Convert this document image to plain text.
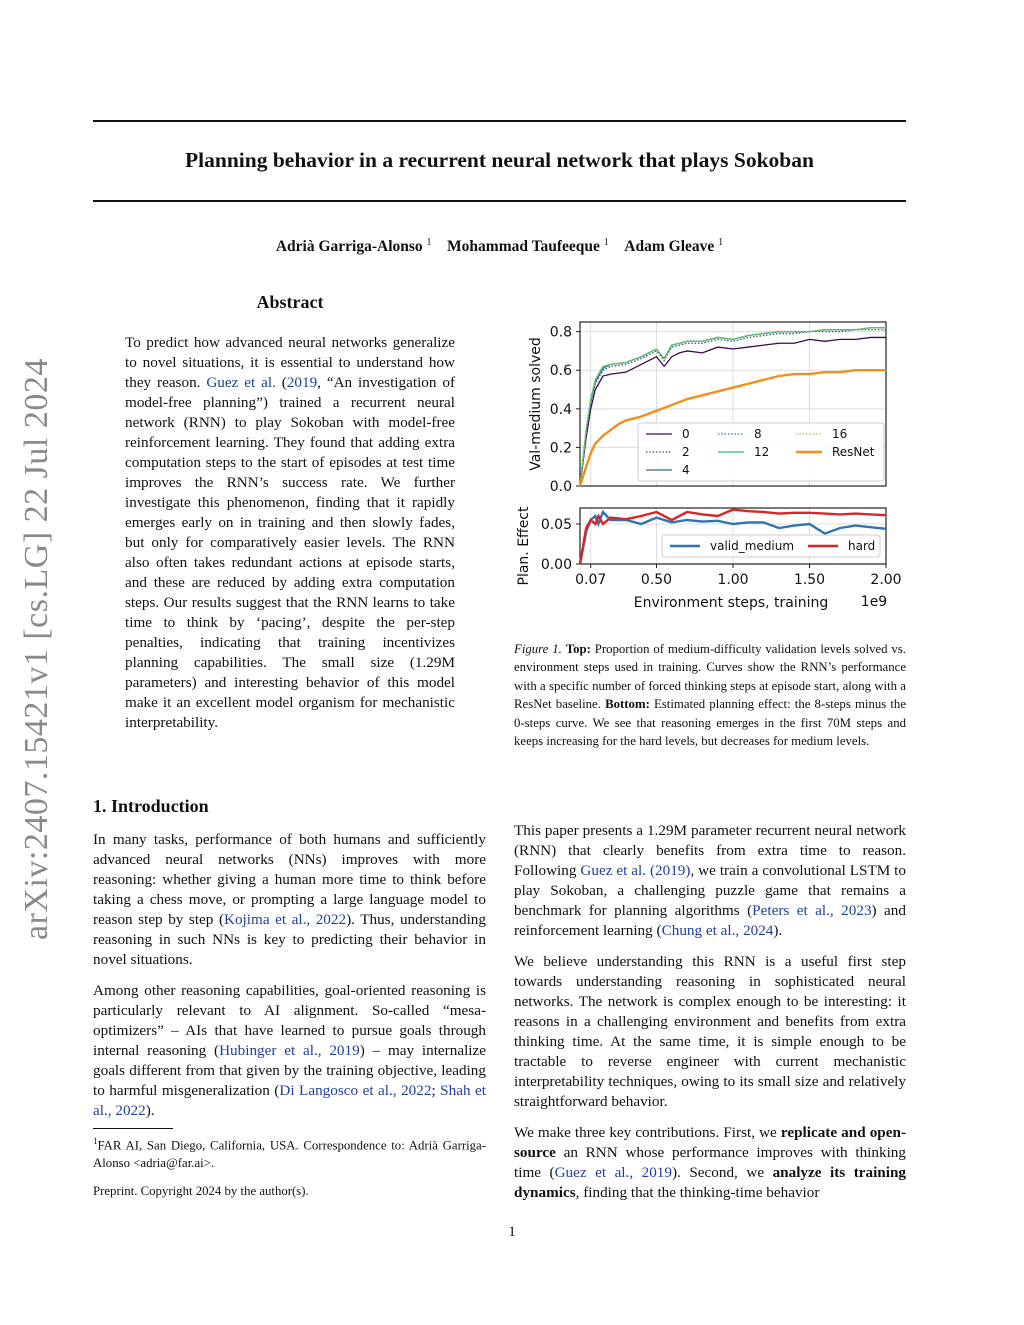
Planning behavior in a recurrent neural network that plays Sokoban
Adrià Garriga-Alonso $^1$ Mohammad Taufeeque $^1$ Adam Gleave $^1$
arXiv:2407.15421v1 [cs.LG] 22 Jul 2024
Abstract
To predict how advanced neural networks generalize to novel situations, it is essential to understand how they reason. Guez et al. (2019, “An investigation of model-free planning”) trained a recurrent neural network (RNN) to play Sokoban with model-free reinforcement learning. They found that adding extra computation steps to the start of episodes at test time improves the RNN’s success rate. We further investigate this phenomenon, finding that it rapidly emerges early on in training and then slowly fades, but only for comparatively easier levels. The RNN also often takes redundant actions at episode starts, and these are reduced by adding extra computation steps. Our results suggest that the RNN learns to take time to think by ‘pacing’, despite the per-step penalties, indicating that training incentivizes planning capabilities. The small size (1.29M parameters) and interesting behavior of this model make it an excellent model organism for mechanistic interpretability.
0.0
0.2
0.4
0.6
0.8
Val-medium solved	0
2
8
12
4
16
ResNet
0.00
0.05
Plan. Effect	valid_medium	hard
0.07 0.50	1.00	1.50	2.00
Environment steps, training 1e9
Figure 1. Top: Proportion of medium-difficulty validation levels solved vs. environment steps used in training. Curves show the RNN’s performance with a specific number of forced thinking steps at episode start, along with a ResNet baseline. Bottom: Estimated planning effect: the 8-steps minus the 0-steps curve. We see that reasoning emerges in the first 70M steps and keeps increasing for the hard levels, but decreases for medium levels.
1. Introduction

In many tasks, performance of both humans and sufficiently advanced neural networks (NNs) improves with more reasoning: whether giving a human more time to think before taking a chess move, or prompting a large language model to reason step by step (Kojima et al., 2022). Thus, understanding reasoning in such NNs is key to predicting their behavior in novel situations.

Among other reasoning capabilities, goal-oriented reasoning is particularly relevant to AI alignment. So-called “mesa-optimizers” – AIs that have learned to pursue goals through internal reasoning (Hubinger et al., 2019) – may internalize goals different from that given by the training objective, leading to harmful misgeneralization (Di Langosco et al., 2022; Shah et al., 2022).

$^1$FAR AI, San Diego, California, USA. Correspondence to: Adrià Garriga-Alonso <adria@far.ai>.
Preprint. Copyright 2024 by the author(s).

This paper presents a 1.29M parameter recurrent neural network (RNN) that clearly benefits from extra time to reason. Following Guez et al. (2019), we train a convolutional LSTM to play Sokoban, a challenging puzzle game that remains a benchmark for planning algorithms (Peters et al., 2023) and reinforcement learning (Chung et al., 2024).

We believe understanding this RNN is a useful first step towards understanding reasoning in sophisticated neural networks. The network is complex enough to be interesting: it reasons in a challenging environment and benefits from extra thinking time. At the same time, it is simple enough to be tractable to reverse engineer with current mechanistic interpretability techniques, owing to its small size and relatively straightforward behavior.

We make three key contributions. First, we replicate and open-source an RNN whose performance improves with thinking time (Guez et al., 2019). Second, we analyze its training dynamics, finding that the thinking-time behavior

1
